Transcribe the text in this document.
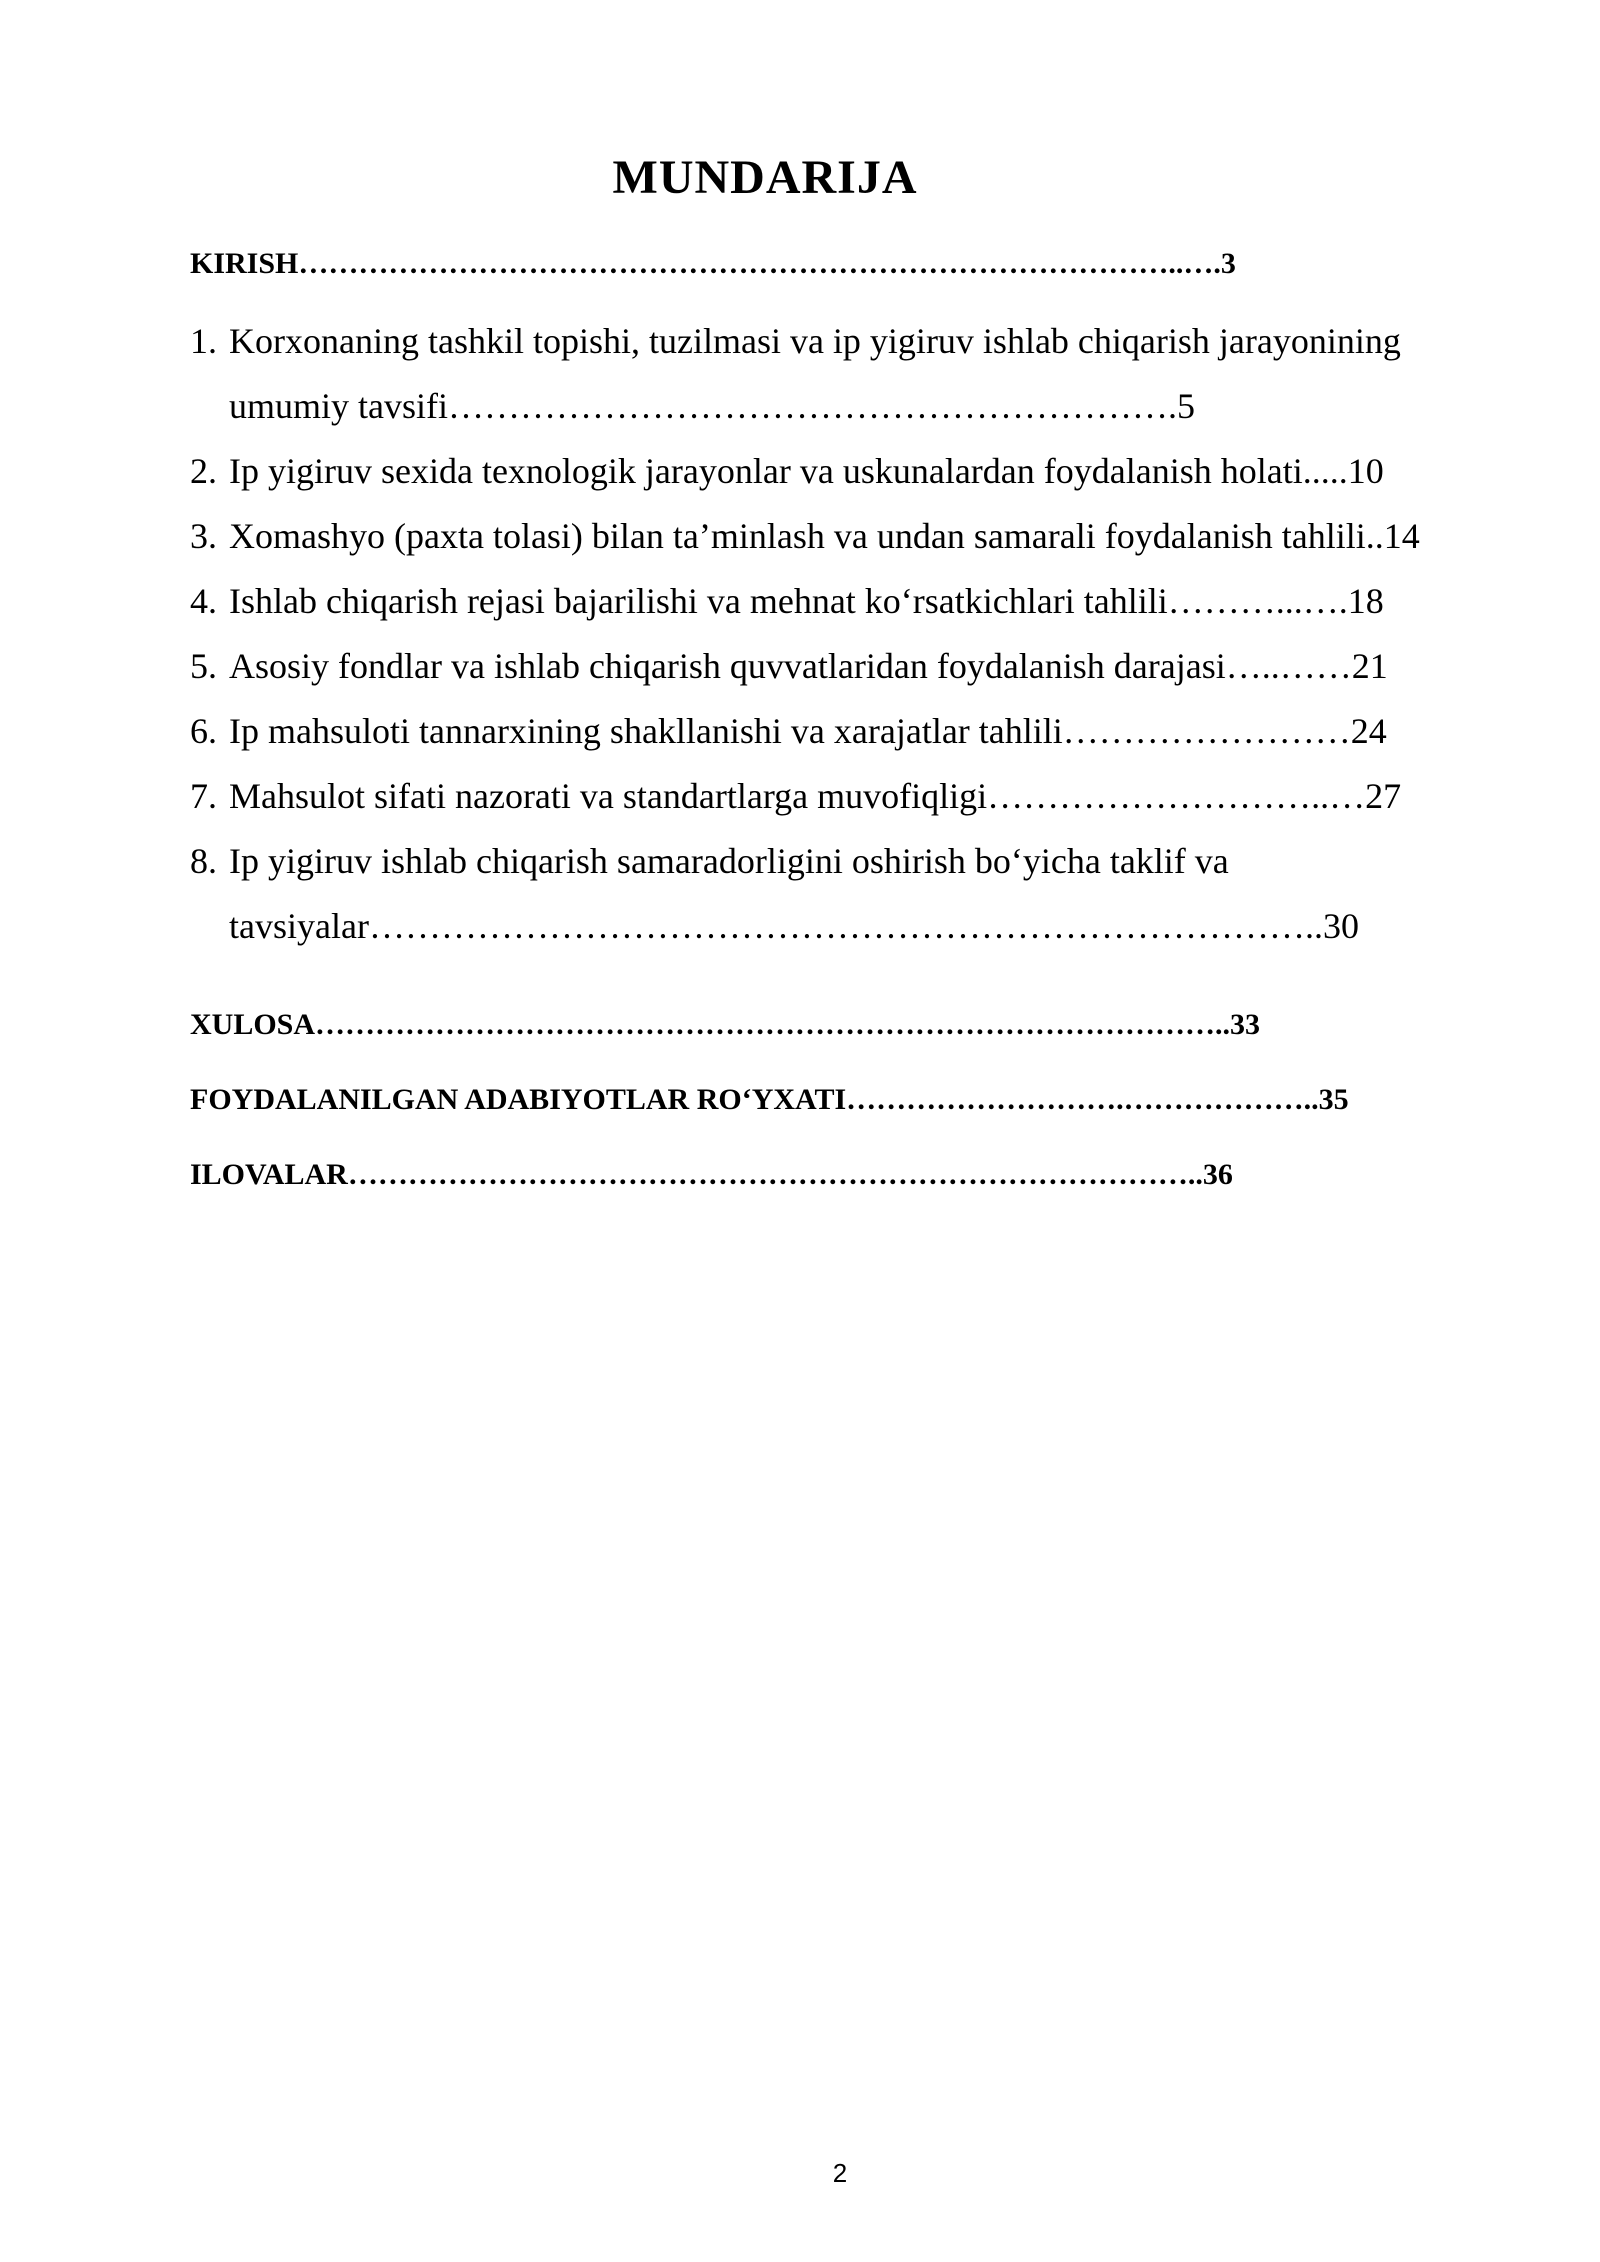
MUNDARIJA
KIRISH……………………………………………………………………………..….3
1. Korxonaning tashkil topishi, tuzilmasi va ip yigiruv ishlab chiqarish jarayonining
umumiy tavsifi…………………………………………………….5
2. Ip yigiruv sexida texnologik jarayonlar va uskunalardan foydalanish holati.....10
3. Xomashyo (paxta tolasi) bilan ta’minlash va undan samarali foydalanish tahlili..14
4. Ishlab chiqarish rejasi bajarilishi va mehnat ko‘rsatkichlari tahlili………...….18
5. Asosiy fondlar va ishlab chiqarish quvvatlaridan foydalanish darajasi…..……21
6. Ip mahsuloti tannarxining shakllanishi va xarajatlar tahlili……………………24
7. Mahsulot sifati nazorati va standartlarga muvofiqligi………………………..…27
8. Ip yigiruv ishlab chiqarish samaradorligini oshirish bo‘yicha taklif va
tavsiyalar……………………………………………………………………..30
XULOSA………………………………………………………………………………..33
FOYDALANILGAN ADABIYOTLAR RO‘YXATI……………………….………………..35
ILOVALAR…………………………………………………………………………..36
2
